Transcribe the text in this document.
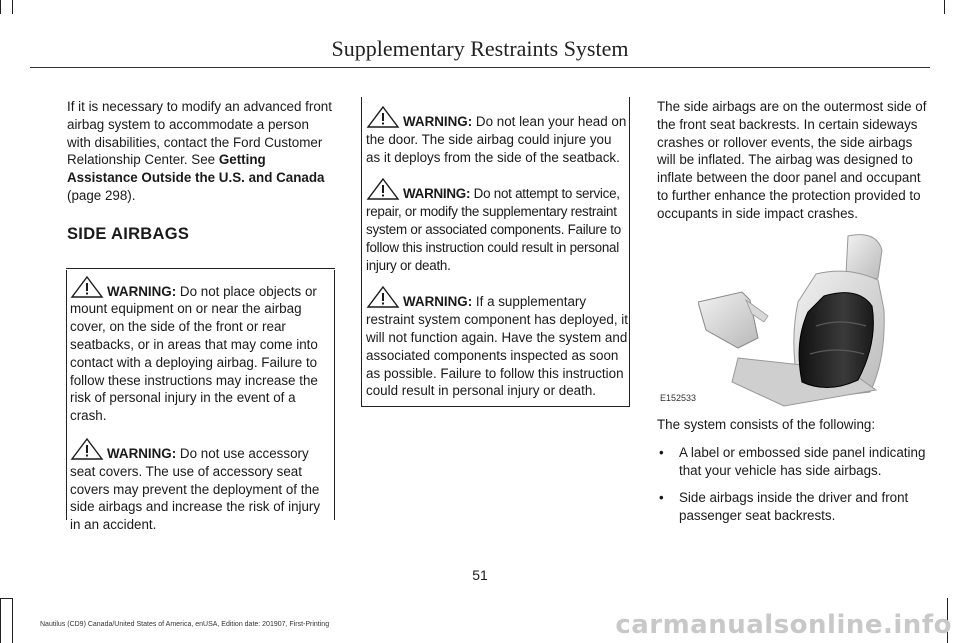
Supplementary Restraints System

If it is necessary to modify an advanced front airbag system to accommodate a person with disabilities, contact the Ford Customer Relationship Center. See Getting Assistance Outside the U.S. and Canada (page 298).

SIDE AIRBAGS

WARNING: Do not place objects or mount equipment on or near the airbag cover, on the side of the front or rear seatbacks, or in areas that may come into contact with a deploying airbag. Failure to follow these instructions may increase the risk of personal injury in the event of a crash.

WARNING: Do not use accessory seat covers. The use of accessory seat covers may prevent the deployment of the side airbags and increase the risk of injury in an accident.

WARNING: Do not lean your head on the door. The side airbag could injure you as it deploys from the side of the seatback.

WARNING: Do not attempt to service, repair, or modify the supplementary restraint system or associated components. Failure to follow this instruction could result in personal injury or death.

WARNING: If a supplementary restraint system component has deployed, it will not function again. Have the system and associated components inspected as soon as possible. Failure to follow this instruction could result in personal injury or death.

The side airbags are on the outermost side of the front seat backrests. In certain sideways crashes or rollover events, the side airbags will be inflated. The airbag was designed to inflate between the door panel and occupant to further enhance the protection provided to occupants in side impact crashes.

E152533

The system consists of the following:

• A label or embossed side panel indicating that your vehicle has side airbags.
• Side airbags inside the driver and front passenger seat backrests.
51
Nautilus (CD9) Canada/United States of America, enUSA, Edition date: 201907, First-Printing	carmanualsonline.info
